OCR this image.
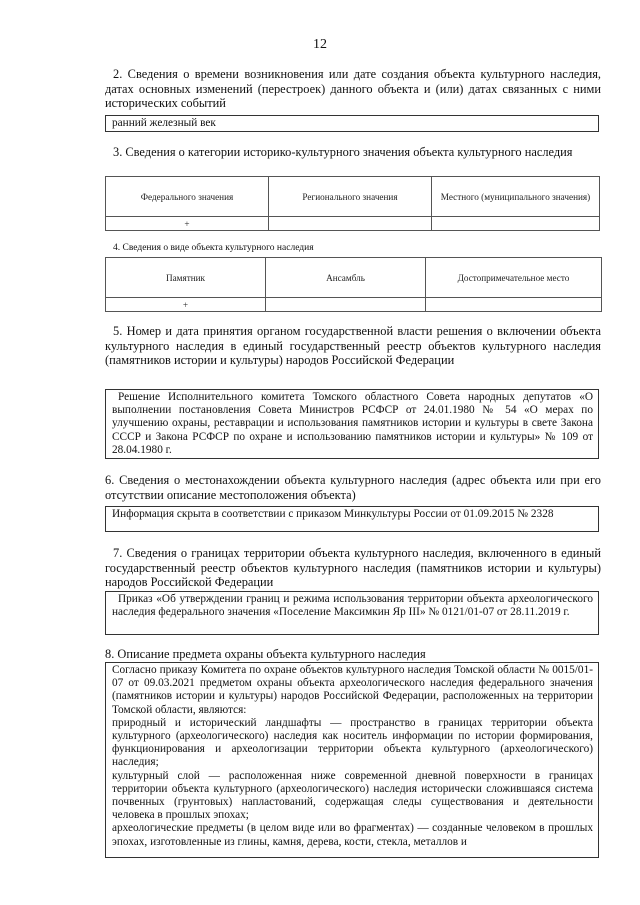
12
2. Сведения о времени возникновения или дате создания объекта культурного наследия, датах основных изменений (перестроек) данного объекта и (или) датах связанных с ними исторических событий
ранний железный век
3. Сведения о категории историко-культурного значения объекта культурного наследия
Федерального значения	Регионального значения	Местного (муниципального значения)
+		
4. Сведения о виде объекта культурного наследия
Памятник	Ансамбль	Достопримечательное место
+		
5. Номер и дата принятия органом государственной власти решения о включении объекта культурного наследия в единый государственный реестр объектов культурного наследия (памятников истории и культуры) народов Российской Федерации
Решение Исполнительного комитета Томского областного Совета народных депутатов «О выполнении постановления Совета Министров РСФСР от 24.01.1980 № 54 «О мерах по улучшению охраны, реставрации и использования памятников истории и культуры в свете Закона СССР и Закона РСФСР по охране и использованию памятников истории и культуры» № 109 от 28.04.1980 г.
6. Сведения о местонахождении объекта культурного наследия (адрес объекта или при его отсутствии описание местоположения объекта)
Информация скрыта в соответствии с приказом Минкультуры России от 01.09.2015 № 2328
7. Сведения о границах территории объекта культурного наследия, включенного в единый государственный реестр объектов культурного наследия (памятников истории и культуры) народов Российской Федерации
Приказ «Об утверждении границ и режима использования территории объекта археологического наследия федерального значения «Поселение Максимкин Яр III» № 0121/01-07 от 28.11.2019 г.
8. Описание предмета охраны объекта культурного наследия
Согласно приказу Комитета по охране объектов культурного наследия Томской области № 0015/01-07 от 09.03.2021 предметом охраны объекта археологического наследия федерального значения (памятников истории и культуры) народов Российской Федерации, расположенных на территории Томской области, являются:
природный и исторический ландшафты — пространство в границах территории объекта культурного (археологического) наследия как носитель информации по истории формирования, функционирования и археологизации территории объекта культурного (археологического) наследия;
культурный слой — расположенная ниже современной дневной поверхности в границах территории объекта культурного (археологического) наследия исторически сложившаяся система почвенных (грунтовых) напластований, содержащая следы существования и деятельности человека в прошлых эпохах;
археологические предметы (в целом виде или во фрагментах) — созданные человеком в прошлых эпохах, изготовленные из глины, камня, дерева, кости, стекла, металлов и
